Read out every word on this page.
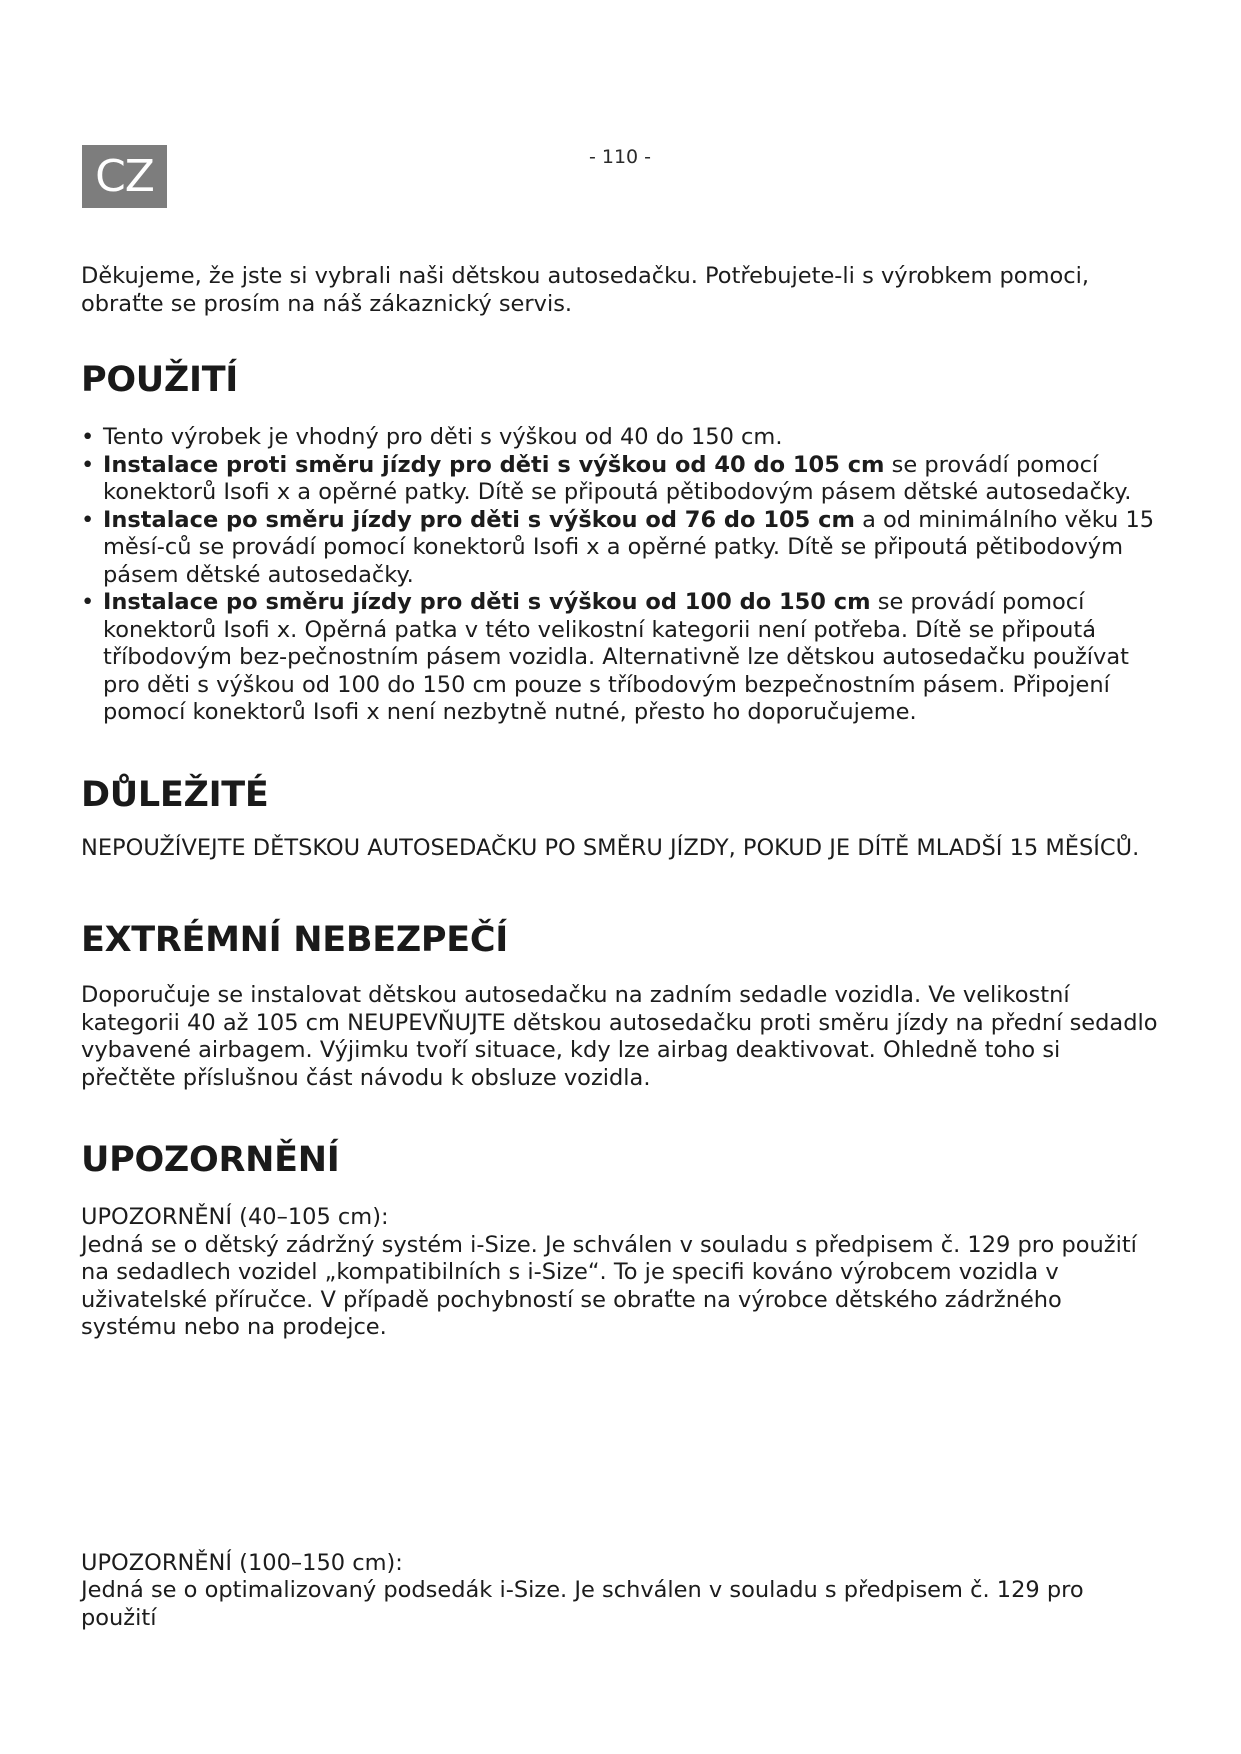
CZ	- 110 -

Děkujeme, že jste si vybrali naši dětskou autosedačku. Potřebujete-li s výrobkem pomoci, obraťte se prosím na náš zákaznický servis.

POUŽITÍ
• Tento výrobek je vhodný pro děti s výškou od 40 do 150 cm.
• Instalace proti směru jízdy pro děti s výškou od 40 do 105 cm se provádí pomocí konektorů Isofi x a opěrné patky. Dítě se připoutá pětibodovým pásem dětské autosedačky.
• Instalace po směru jízdy pro děti s výškou od 76 do 105 cm a od minimálního věku 15 měsí-ců se provádí pomocí konektorů Isofi x a opěrné patky. Dítě se připoutá pětibodovým pásem dětské autosedačky.
• Instalace po směru jízdy pro děti s výškou od 100 do 150 cm se provádí pomocí konektorů Isofi x. Opěrná patka v této velikostní kategorii není potřeba. Dítě se připoutá tříbodovým bez-pečnostním pásem vozidla. Alternativně lze dětskou autosedačku používat pro děti s výškou od 100 do 150 cm pouze s tříbodovým bezpečnostním pásem. Připojení pomocí konektorů Isofi x není nezbytně nutné, přesto ho doporučujeme.
DŮLEŽITÉ

NEPOUŽÍVEJTE DĚTSKOU AUTOSEDAČKU PO SMĚRU JÍZDY, POKUD JE DÍTĚ MLADŠÍ 15 MĚSÍCŮ.

EXTRÉMNÍ NEBEZPEČÍ

Doporučuje se instalovat dětskou autosedačku na zadním sedadle vozidla. Ve velikostní kategorii 40 až 105 cm NEUPEVŇUJTE dětskou autosedačku proti směru jízdy na přední sedadlo vybavené airbagem. Výjimku tvoří situace, kdy lze airbag deaktivovat. Ohledně toho si přečtěte příslušnou část návodu k obsluze vozidla.

UPOZORNĚNÍ

UPOZORNĚNÍ (40–105 cm):

Jedná se o dětský zádržný systém i-Size. Je schválen v souladu s předpisem č. 129 pro použití na sedadlech vozidel „kompatibilních s i-Size“. To je specifi kováno výrobcem vozidla v uživatelské příručce. V případě pochybností se obraťte na výrobce dětského zádržného systému nebo na prodejce.

UPOZORNĚNÍ (100–150 cm):

Jedná se o optimalizovaný podsedák i-Size. Je schválen v souladu s předpisem č. 129 pro použití
